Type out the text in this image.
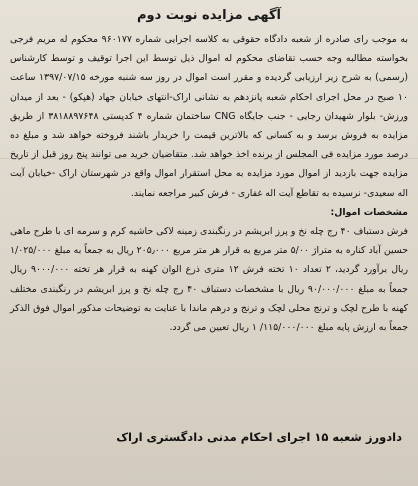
آگهی مزایده نوبت دوم

به موجب رای صادره از شعبه دادگاه حقوقی به کلاسه اجرایی شماره ۹۶۰۱۷۷ محکوم له مریم فرجی بخواسته مطالبه وجه حسب تقاضای محکوم له اموال ذیل توسط این اجرا توقیف و توسط کارشناس (رسمی) به شرح زیر ارزیابی گردیده و مقرر است اموال در روز سه شنبه مورخه ۱۳۹۷/۰۷/۱۵ ساعت ۱۰ صبح در محل اجرای احکام شعبه پانزدهم به نشانی اراک-انتهای خیابان جهاد (هپکو) - بعد از میدان ورزش- بلوار شهیدان رجایی - جنب جایگاه CNG ساختمان شماره ۴ کدپستی ۳۸۱۸۸۹۷۶۴۸ از طریق مزایده به فروش برسد و به کسانی که بالاترین قیمت را خریدار باشند فروخته خواهد شد و مبلغ ده درصد مورد مزایده فی المجلس از برنده اخذ خواهد شد. متقاضیان خرید می توانند پنج روز قبل از تاریخ مزایده جهت بازدید از اموال مورد مزایده به محل استقرار اموال واقع در شهرستان اراک -خیابان آیت اله سعیدی- نرسیده به تقاطع آیت اله غفاری - فرش کبیر مراجعه نمایند.

مشخصات اموال:

فرش دستباف ۴۰ رج چله نخ و پرز ابریشم در رنگبندی زمینه لاکی حاشیه کرم و سرمه ای با طرح ماهی حسین آباد کناره به متراژ ۵/۰۰ متر مربع به قرار هر متر مربع ۲۰۵٫۰۰۰ ریال به جمعاً به مبلغ ۱/۰۲۵/۰۰۰ ریال برآورد گردید، ۲ تعداد ۱۰ تخته فرش ۱۲ متری ذرع الوان کهنه به قرار هر تخته ۹۰۰۰/۰۰۰ ریال جمعاً به مبلغ ۹۰/۰۰۰/۰۰۰ ریال با مشخصات دستباف ۴۰ رج چله نخ و پرز ابریشم در رنگبندی مختلف کهنه با طرح لچک و ترنج محلی لچک و ترنج و درهم ماندا با عنایت به توضیحات مذکور اموال فوق الذکر جمعاً به ارزش پایه مبلغ ۱۱۵/۰۰۰/۰۰۰/ ۱ ریال تعیین می گردد.

دادورز شعبه ۱۵ اجرای احکام مدنی دادگستری اراک
